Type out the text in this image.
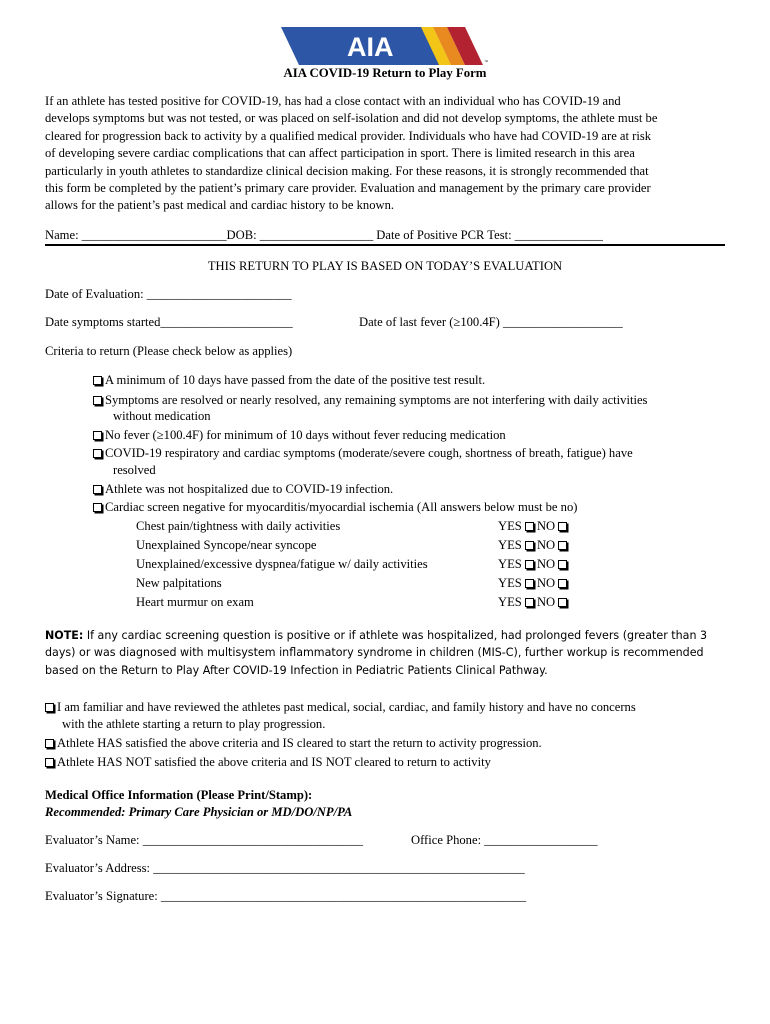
AIA	™
AIA COVID-19 Return to Play Form
If an athlete has tested positive for COVID-19, has had a close contact with an individual who has COVID-19 and
develops symptoms but was not tested, or was placed on self-isolation and did not develop symptoms, the athlete must be
cleared for progression back to activity by a qualified medical provider. Individuals who have had COVID-19 are at risk
of developing severe cardiac complications that can affect participation in sport. There is limited research in this area
particularly in youth athletes to standardize clinical decision making. For these reasons, it is strongly recommended that
this form be completed by the patient’s primary care provider. Evaluation and management by the primary care provider
allows for the patient’s past medical and cardiac history to be known.
Name: _______________________DOB: __________________ Date of Positive PCR Test: ______________
THIS RETURN TO PLAY IS BASED ON TODAY’S EVALUATION
Date of Evaluation: _______________________
Date symptoms started_____________________	Date of last fever (≥100.4F) ___________________
Criteria to return (Please check below as applies)
A minimum of 10 days have passed from the date of the positive test result.
Symptoms are resolved or nearly resolved, any remaining symptoms are not interfering with daily activities
without medication
No fever (≥100.4F) for minimum of 10 days without fever reducing medication
COVID-19 respiratory and cardiac symptoms (moderate/severe cough, shortness of breath, fatigue) have
resolved
Athlete was not hospitalized due to COVID-19 infection.
Cardiac screen negative for myocarditis/myocardial ischemia (All answers below must be no)
Chest pain/tightness with daily activities	YES NO
Unexplained Syncope/near syncope	YES NO
Unexplained/excessive dyspnea/fatigue w/ daily activities	YES NO
New palpitations	YES NO
Heart murmur on exam	YES NO
NOTE: If any cardiac screening question is positive or if athlete was hospitalized, had prolonged fevers (greater than 3
days) or was diagnosed with multisystem inflammatory syndrome in children (MIS-C), further workup is recommended
based on the Return to Play After COVID-19 Infection in Pediatric Patients Clinical Pathway.
I am familiar and have reviewed the athletes past medical, social, cardiac, and family history and have no concerns
with the athlete starting a return to play progression.
Athlete HAS satisfied the above criteria and IS cleared to start the return to activity progression.
Athlete HAS NOT satisfied the above criteria and IS NOT cleared to return to activity
Medical Office Information (Please Print/Stamp):
Recommended: Primary Care Physician or MD/DO/NP/PA
Evaluator’s Name: ___________________________________	Office Phone: __________________
Evaluator’s Address: ___________________________________________________________
Evaluator’s Signature: __________________________________________________________
